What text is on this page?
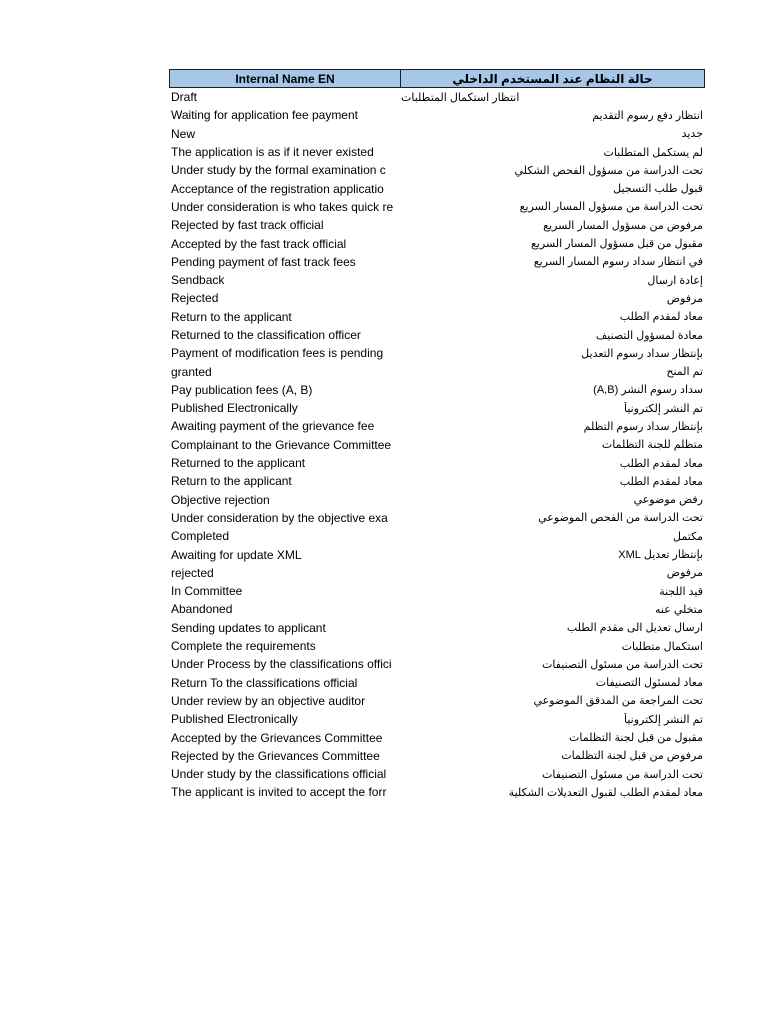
Internal Name EN	حالة النظام عند المستخدم الداخلي
Draft	انتظار استكمال المتطلبات
Waiting for application fee payment	انتظار دفع رسوم التقديم
New	جديد
The application is as if it never existed	لم يستكمل المتطلبات
Under study by the formal examination c	تحت الدراسة من مسؤول الفحص الشكلي
Acceptance of the registration applicatio	قبول طلب التسجيل
Under consideration is who takes quick re	تحت الدراسة من مسؤول المسار السريع
Rejected by fast track official	مرفوض من مسؤول المسار السريع
Accepted by the fast track official	مقبول من قبل مسؤول المسار السريع
Pending payment of fast track fees	في انتظار سداد رسوم المسار السريع
Sendback	إعادة ارسال
Rejected	مرفوض
Return to the applicant	معاد لمقدم الطلب
Returned to the classification officer	معادة لمسؤول التصنيف
Payment of modification fees is pending	بإنتظار سداد رسوم التعديل
granted	تم المنح
Pay publication fees (A, B)	سداد رسوم النشر (A,B)
Published Electronically	تم النشر إلكترونياً
Awaiting payment of the grievance fee	بإنتظار سداد رسوم التظلم
Complainant to the Grievance Committee	متظلم للجنة التظلمات
Returned to the applicant	معاد لمقدم الطلب
Return to the applicant	معاد لمقدم الطلب
Objective rejection	رفض موضوعي
Under consideration by the objective exa	تحت الدراسة من الفحص الموضوعي
Completed	مكتمل
Awaiting for update XML	بإنتظار تعديل XML
rejected	مرفوض
In Committee	قيد اللجنة
Abandoned	متخلي عنه
Sending updates to applicant	ارسال تعديل الى مقدم الطلب
Complete the requirements	استكمال متطلبات
Under Process by the classifications offici	تحت الدراسة من مسئول التصنيفات
Return To the classifications official	معاد لمسئول التصنيفات
Under review by an objective auditor	تحت المراجعة من المدقق الموضوعي
Published Electronically	تم النشر إلكترونياً
Accepted by the Grievances Committee	مقبول من قبل لجنة التظلمات
Rejected by the Grievances Committee	مرفوض من قبل لجنة التظلمات
Under study by the classifications official	تحت الدراسة من مسئول التصنيفات
The applicant is invited to accept the forr	معاد لمقدم الطلب لقبول التعديلات الشكلية
